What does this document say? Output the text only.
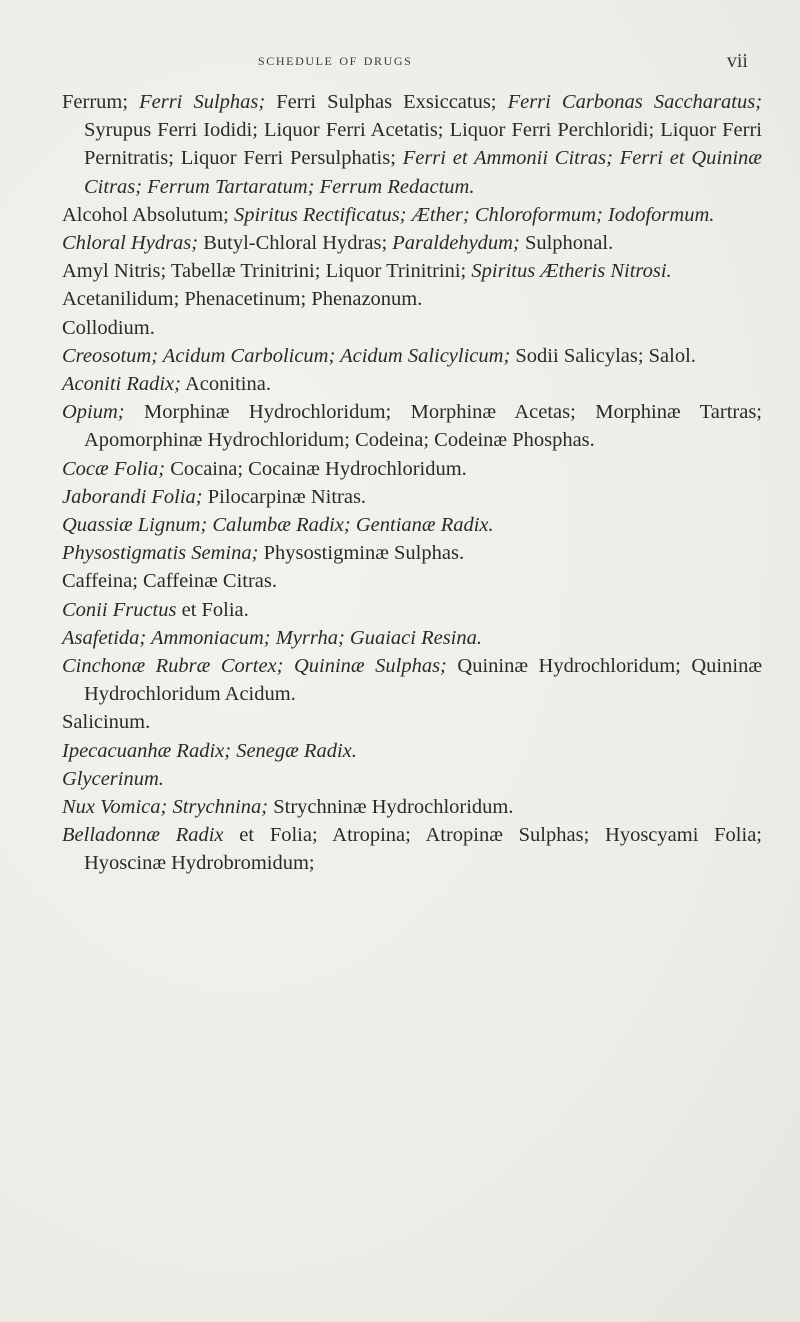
schedule of drugs	vii

Ferrum; Ferri Sulphas; Ferri Sulphas Exsiccatus; Ferri Carbonas Saccharatus; Syrupus Ferri Iodidi; Liquor Ferri Acetatis; Liquor Ferri Perchloridi; Liquor Ferri Pernitratis; Liquor Ferri Persulphatis; Ferri et Ammonii Citras; Ferri et Quininæ Citras; Ferrum Tartaratum; Ferrum Redactum.

Alcohol Absolutum; Spiritus Rectificatus; Æther; Chloroformum; Iodoformum.

Chloral Hydras; Butyl-Chloral Hydras; Paraldehydum; Sulphonal.

Amyl Nitris; Tabellæ Trinitrini; Liquor Trinitrini; Spiritus Ætheris Nitrosi.

Acetanilidum; Phenacetinum; Phenazonum.

Collodium.

Creosotum; Acidum Carbolicum; Acidum Salicylicum; Sodii Salicylas; Salol.

Aconiti Radix; Aconitina.

Opium; Morphinæ Hydrochloridum; Morphinæ Acetas; Morphinæ Tartras; Apomorphinæ Hydrochloridum; Codeina; Codeinæ Phosphas.

Cocæ Folia; Cocaina; Cocainæ Hydrochloridum.

Jaborandi Folia; Pilocarpinæ Nitras.

Quassiæ Lignum; Calumbæ Radix; Gentianæ Radix.

Physostigmatis Semina; Physostigminæ Sulphas.

Caffeina; Caffeinæ Citras.

Conii Fructus et Folia.

Asafetida; Ammoniacum; Myrrha; Guaiaci Resina.

Cinchonæ Rubræ Cortex; Quininæ Sulphas; Quininæ Hydrochloridum; Quininæ Hydrochloridum Acidum.

Salicinum.

Ipecacuanhæ Radix; Senegæ Radix.

Glycerinum.

Nux Vomica; Strychnina; Strychninæ Hydrochloridum.

Belladonnæ Radix et Folia; Atropina; Atropinæ Sulphas; Hyoscyami Folia; Hyoscinæ Hydrobromidum;
